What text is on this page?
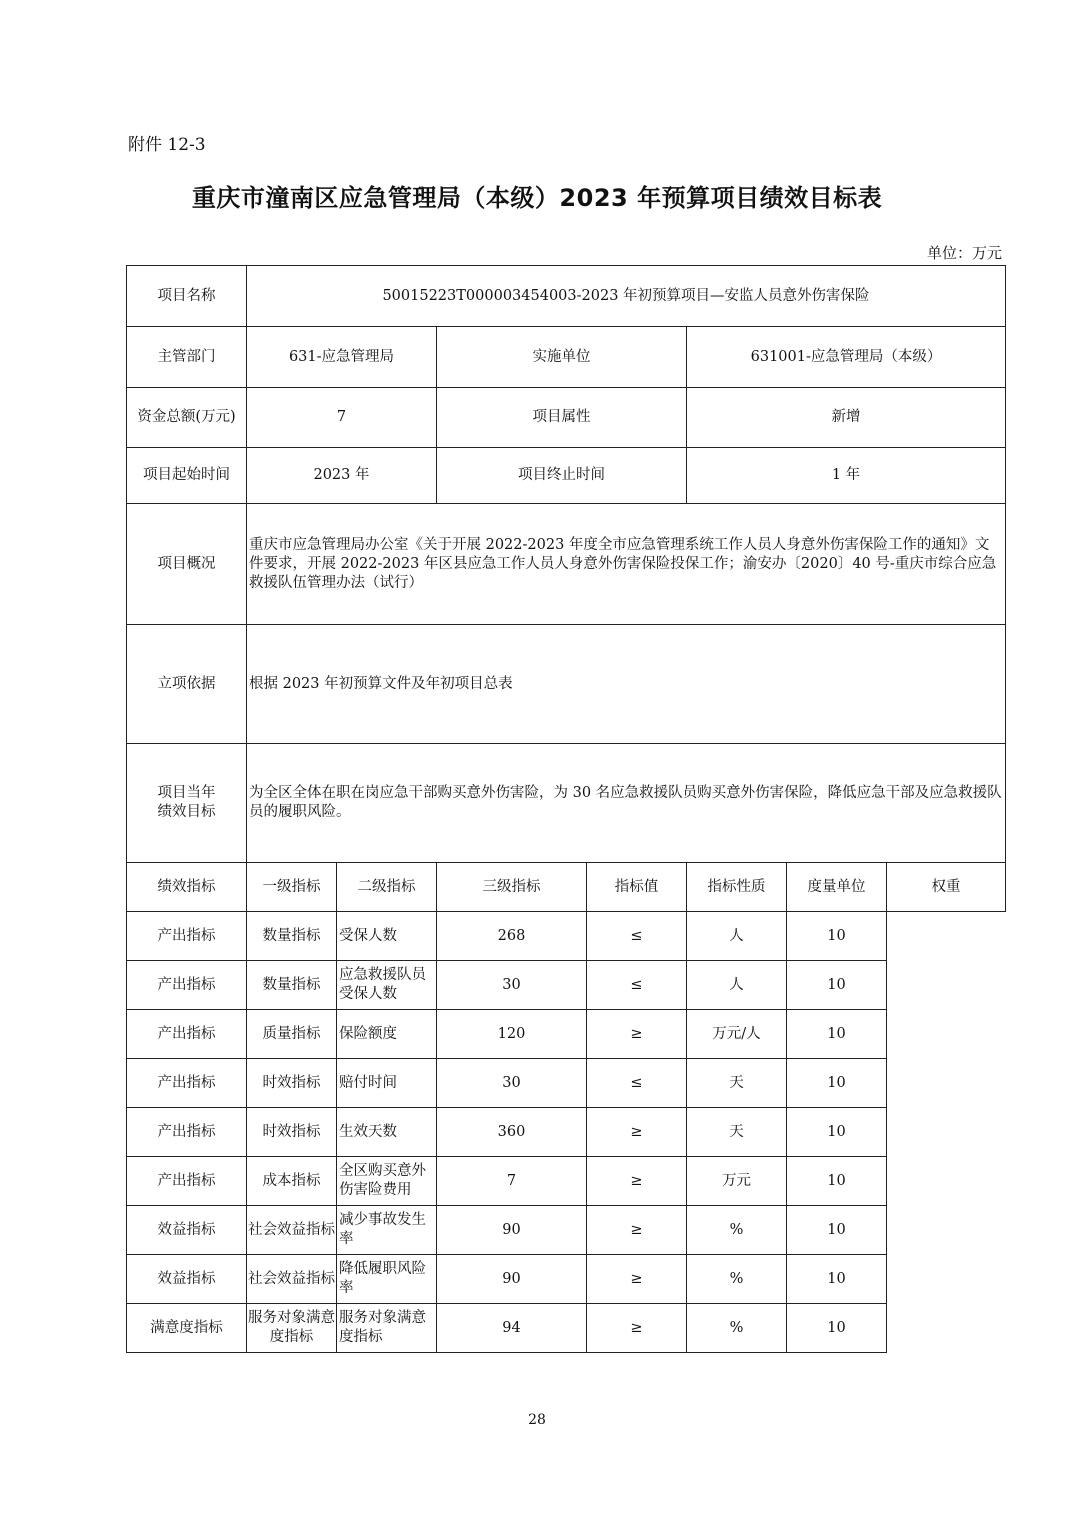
附件 12-3
重庆市潼南区应急管理局（本级）2023 年预算项目绩效目标表
单位：万元
项目名称	50015223T000003454003-2023 年初预算项目—安监人员意外伤害保险						
主管部门	631-应急管理局		实施单位		631001-应急管理局（本级）		
资金总额(万元)	7		项目属性		新增		
项目起始时间	2023 年		项目终止时间		1 年		
项目概况	重庆市应急管理局办公室《关于开展 2022-2023 年度全市应急管理系统工作人员人身意外伤害保险工作的通知》文件要求，开展 2022-2023 年区县应急工作人员人身意外伤害保险投保工作；渝安办〔2020〕40 号-重庆市综合应急救援队伍管理办法（试行）						
立项依据	根据 2023 年初预算文件及年初项目总表						

项目当年
绩效目标	为全区全体在职在岗应急干部购买意外伤害险，为 30 名应急救援队员购买意外伤害保险，降低应急干部及应急救援队员的履职风险。						
绩效指标	一级指标	二级指标	三级指标	指标值	指标性质	度量单位	权重
产出指标	数量指标	受保人数	268	≤	人	10	
产出指标	数量指标	应急救援队员受保人数	30	≤	人	10	
产出指标	质量指标	保险额度	120	≥	万元/人	10	
产出指标	时效指标	赔付时间	30	≤	天	10	
产出指标	时效指标	生效天数	360	≥	天	10	
产出指标	成本指标	全区购买意外伤害险费用	7	≥	万元	10	
效益指标	社会效益指标	减少事故发生率	90	≥	%	10	
效益指标	社会效益指标	降低履职风险率	90	≥	%	10	
满意度指标	服务对象满意度指标	服务对象满意度指标	94	≥	%	10	
28
